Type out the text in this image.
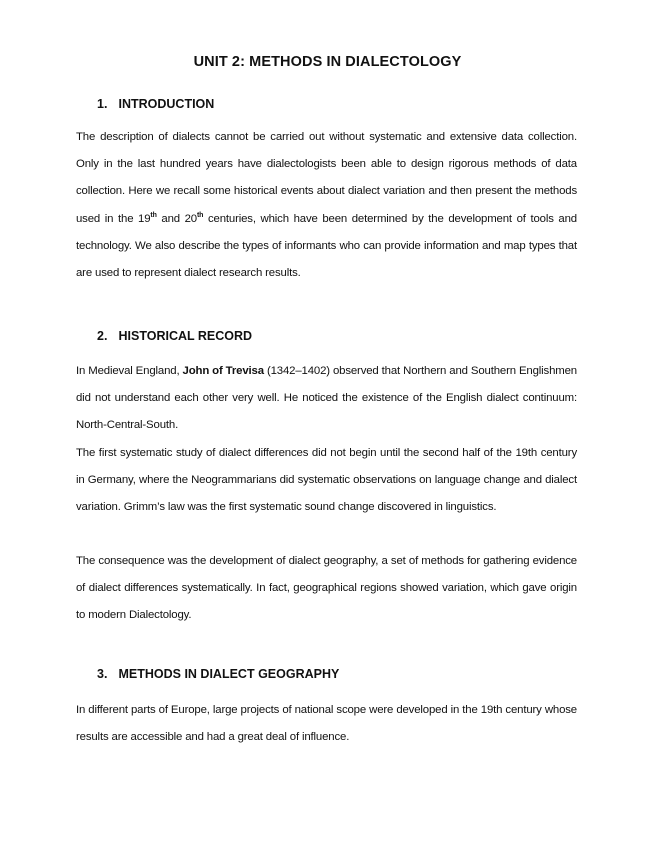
UNIT 2: METHODS IN DIALECTOLOGY
1. INTRODUCTION

The description of dialects cannot be carried out without systematic and extensive data collection. Only in the last hundred years have dialectologists been able to design rigorous methods of data collection. Here we recall some historical events about dialect variation and then present the methods used in the 19th and 20th centuries, which have been determined by the development of tools and technology. We also describe the types of informants who can provide information and map types that are used to represent dialect research results.

2. HISTORICAL RECORD

In Medieval England, John of Trevisa (1342–1402) observed that Northern and Southern Englishmen did not understand each other very well. He noticed the existence of the English dialect continuum: North-Central-South.

The first systematic study of dialect differences did not begin until the second half of the 19th century in Germany, where the Neogrammarians did systematic observations on language change and dialect variation. Grimm’s law was the first systematic sound change discovered in linguistics.

The consequence was the development of dialect geography, a set of methods for gathering evidence of dialect differences systematically. In fact, geographical regions showed variation, which gave origin to modern Dialectology.

3. METHODS IN DIALECT GEOGRAPHY

In different parts of Europe, large projects of national scope were developed in the 19th century whose results are accessible and had a great deal of influence.
